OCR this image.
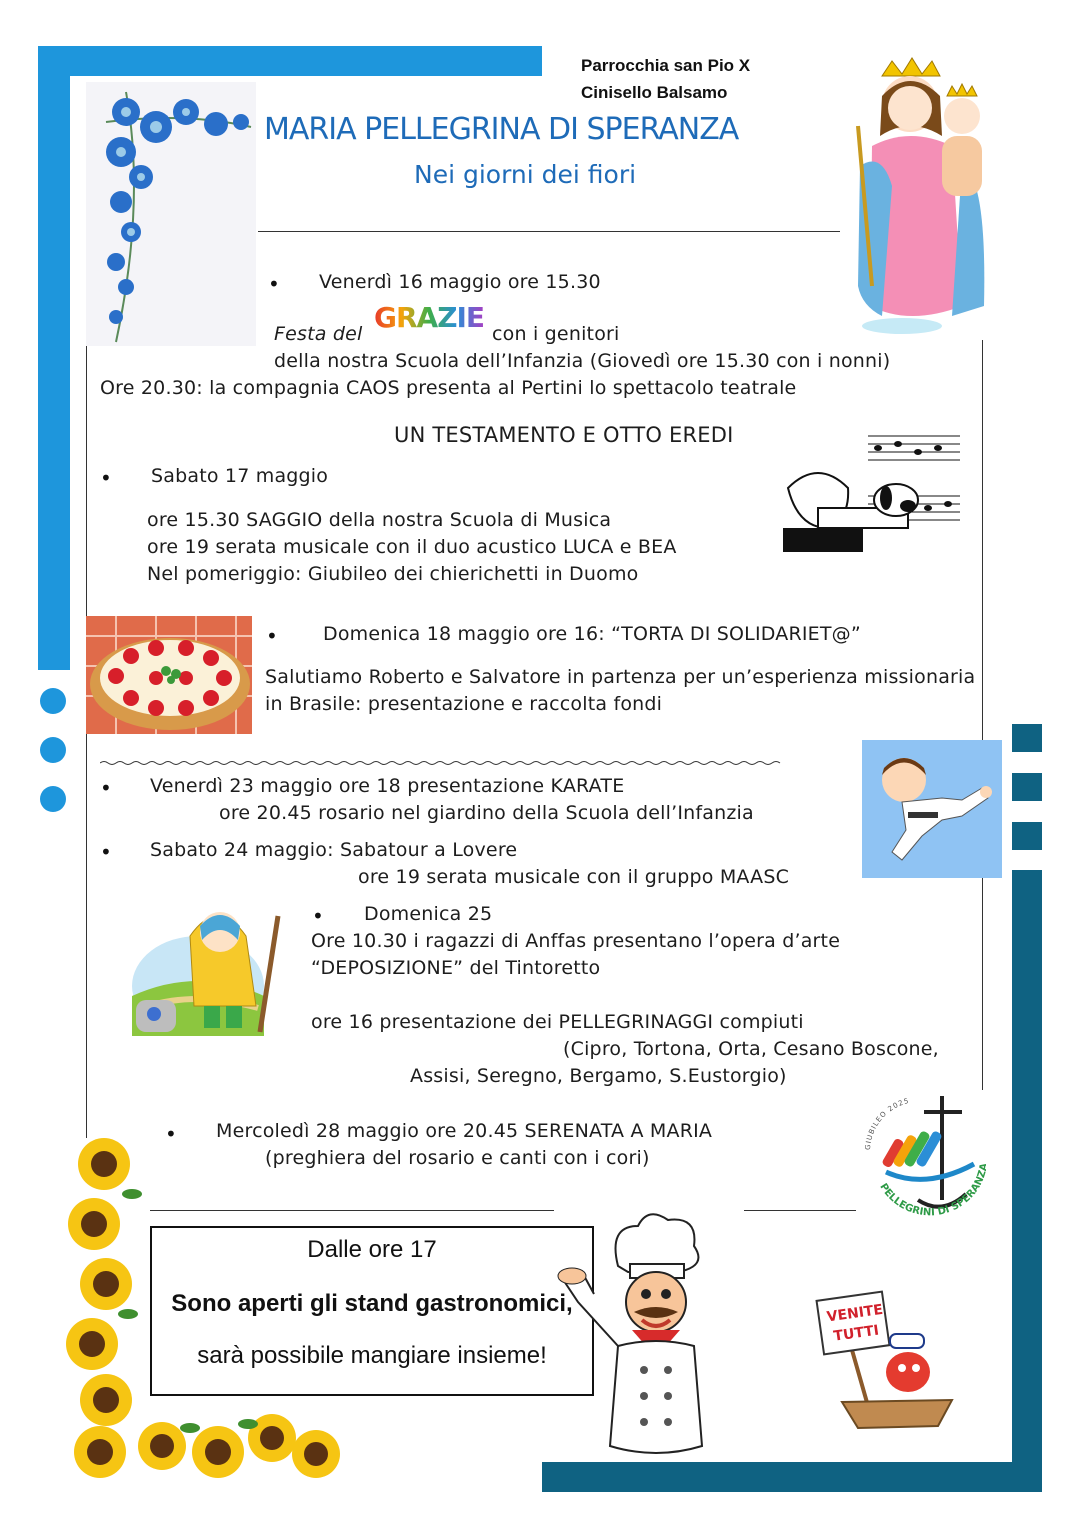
Parrocchia san Pio X
Cinisello Balsamo
MARIA PELLEGRINA DI SPERANZA
Nei giorni dei fiori
• Venerdì 16 maggio ore 15.30
Festa del GRAZIE con i genitori
della nostra Scuola dell’Infanzia (Giovedì ore 15.30 con i nonni)
Ore 20.30: la compagnia CAOS presenta al Pertini lo spettacolo teatrale
UN TESTAMENTO E OTTO EREDI
• Sabato 17 maggio
ore 15.30 SAGGIO della nostra Scuola di Musica
ore 19 serata musicale con il duo acustico LUCA e BEA
Nel pomeriggio: Giubileo dei chierichetti in Duomo
• Domenica 18 maggio ore 16: “TORTA DI SOLIDARIET@”
Salutiamo Roberto e Salvatore in partenza per un’esperienza missionaria
in Brasile: presentazione e raccolta fondi
• Venerdì 23 maggio ore 18 presentazione KARATE
ore 20.45 rosario nel giardino della Scuola dell’Infanzia
• Sabato 24 maggio: Sabatour a Lovere
ore 19 serata musicale con il gruppo MAASC
• Domenica 25
Ore 10.30 i ragazzi di Anffas presentano l’opera d’arte
“DEPOSIZIONE” del Tintoretto
ore 16 presentazione dei PELLEGRINAGGI compiuti
(Cipro, Tortona, Orta, Cesano Boscone,
Assisi, Seregno, Bergamo, S.Eustorgio)
• Mercoledì 28 maggio ore 20.45 SERENATA A MARIA
(preghiera del rosario e canti con i cori)
GIUBILEO 2025
PELLEGRINI DI SPERAN
Dalle ore 17
Sono aperti gli stand gastronomici,
sarà possibile mangiare insieme!
VENITE
TUTTI
